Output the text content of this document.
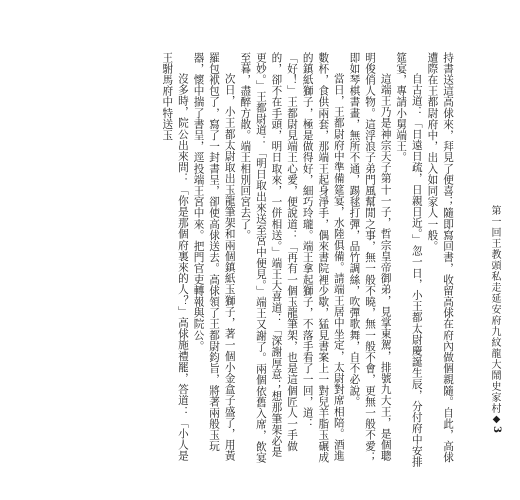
持書送這高俅來，拜見了便喜；隨即寫回書，收留高俅在府內做個親隨。自此，高俅遭際在王都尉府中，出入如同家人一般。

自古道：「日遠日疏，日親日近。」忽一日，小王都太尉慶誕生辰，分付府中安排筵宴，專請小舅端王。

這端王乃是神宗天子第十一子，哲宗皇帝御弟，見掌東駕，排號九大王，是個聰明俊俏人物。這浮浪子弟門風幫閒之事，無一般不曉，無一般不會，更無一般不愛；即如琴棋書畫，無所不通，踢毬打彈，品竹調絲，吹彈歌舞，自不必說。

當日，王都尉府中準備筵宴，水陸俱備。請端王居中坐定，太尉對席相陪。酒進數杯，食供兩套，那端王起身淨手，偶來書院裡少歇，猛見書案上一對兒羊脂玉碾成的鎮紙獅子，極是做得好，細巧玲瓏。端王拿起獅子，不落手看了一回，道：「好！」王都尉見端王心愛，便說道：「再有一個玉龍筆架，也是這個匠人一手做的，卻不在手頭，明日取來，一併相送。」端王大喜道：「深謝厚意；想那筆架必是更妙。」王都尉道：「明日取出來送至宮中便見。」端王又謝了。兩個依舊入席，飲宴至暮，盡醉方散。端王相別回宮去了。

次日，小王都太尉取出玉龍筆架和兩個鎮紙玉獅子，著一個小金盒子盛了，用黃羅包袱包了，寫了一封書呈，卻使高俅送去。高俅領了王都尉鈞旨，將著兩般玉玩器，懷中揣了書呈，逕投端王宮中來。把門官吏轉報與院公。

沒多時，院公出來問：「你是那個府裏來的人？」高俅施禮罷，答道：「小人是王駙馬府中特送玉

第一回
王教頭私走延安府
九紋龍大鬧史家村
◆
3
